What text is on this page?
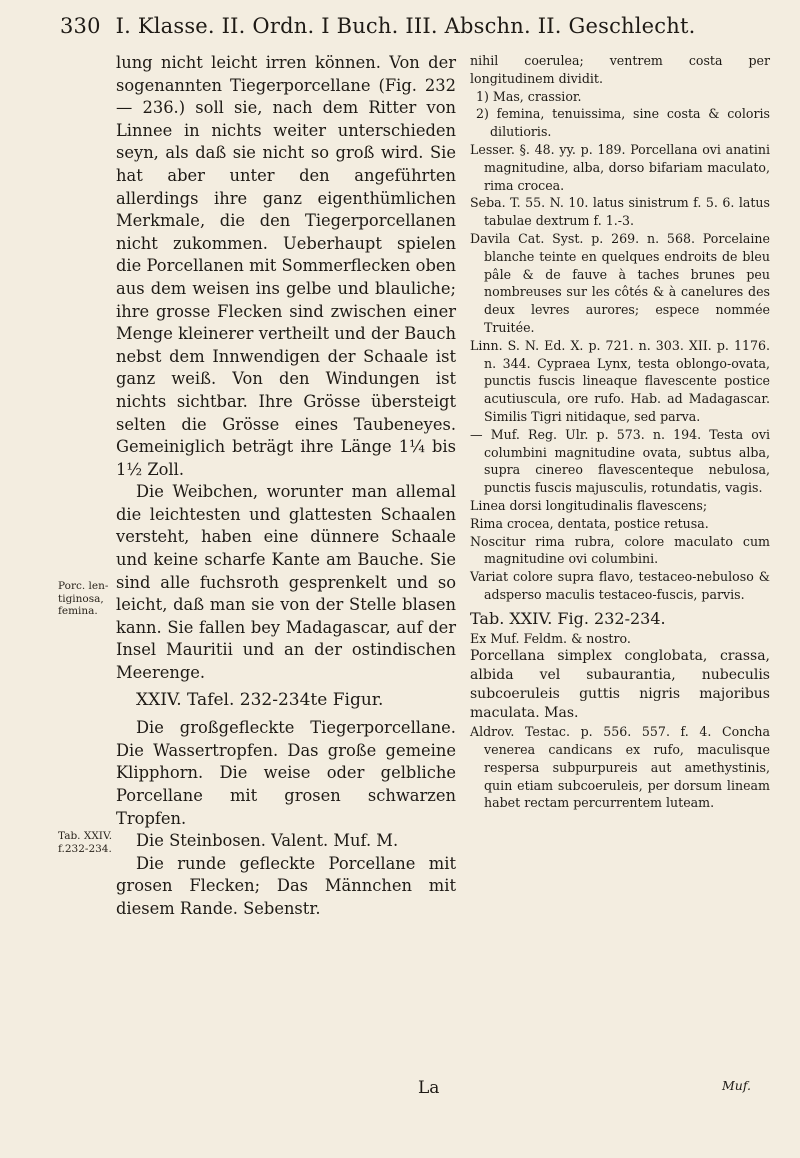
330 I. Klasse. II. Ordn. I Buch. III. Abschn. II. Geschlecht.

lung nicht leicht irren können. Von der sogenannten Tiegerporcellane (Fig. 232 — 236.) soll sie, nach dem Ritter von Linnee in nichts weiter unterschieden seyn, als daß sie nicht so groß wird. Sie hat aber unter den angeführten allerdings ihre ganz eigenthümlichen Merkmale, die den Tiegerporcellanen nicht zukommen. Ueberhaupt spielen die Porcellanen mit Sommerflecken oben aus dem weisen ins gelbe und blauliche; ihre grosse Flecken sind zwischen einer Menge kleinerer vertheilt und der Bauch nebst dem Innwendigen der Schaale ist ganz weiß. Von den Windungen ist nichts sichtbar. Ihre Grösse übersteigt selten die Grösse eines Taubeneyes. Gemeiniglich beträgt ihre Länge 1¼ bis 1½ Zoll.

Die Weibchen, worunter man allemal die leichtesten und glattesten Schaalen versteht, haben eine dünnere Schaale und keine scharfe Kante am Bauche. Sie sind alle fuchsroth gesprenkelt und so leicht, daß man sie von der Stelle blasen kann. Sie fallen bey Madagascar, auf der Insel Mauritii und an der ostindischen Meerenge.

XXIV. Tafel. 232-234te Figur.

Die großgefleckte Tiegerporcellane. Die Wassertropfen. Das große gemeine Klipphorn. Die weise oder gelbliche Porcellane mit grosen schwarzen Tropfen.

Die Steinbosen. Valent. Muf. M.

Die runde gefleckte Porcellane mit grosen Flecken; Das Männchen mit diesem Rande. Sebenstr.

Porc. len-tiginosa, femina.
Tab. XXIV. f.232-234.

nihil coerulea; ventrem costa per longitudinem dividit.

1) Mas, crassior.

2) femina, tenuissima, sine costa & coloris dilutioris.

Lesser. §. 48. yy. p. 189. Porcellana ovi anatini magnitudine, alba, dorso bifariam maculato, rima crocea.

Seba. T. 55. N. 10. latus sinistrum f. 5. 6. latus tabulae dextrum f. 1.-3.

Davila Cat. Syst. p. 269. n. 568. Porcelaine blanche teinte en quelques endroits de bleu pâle & de fauve à taches brunes peu nombreuses sur les côtés & à canelures des deux levres aurores; espece nommée Truitée.

Linn. S. N. Ed. X. p. 721. n. 303. XII. p. 1176. n. 344. Cypraea Lynx, testa oblongo-ovata, punctis fuscis lineaque flavescente postice acutiuscula, ore rufo. Hab. ad Madagascar. Similis Tigri nitidaque, sed parva.

— Muf. Reg. Ulr. p. 573. n. 194. Testa ovi columbini magnitudine ovata, subtus alba, supra cinereo flavescenteque nebulosa, punctis fuscis majusculis, rotundatis, vagis.

Linea dorsi longitudinalis flavescens;

Rima crocea, dentata, postice retusa.

Noscitur rima rubra, colore maculato cum magnitudine ovi columbini.

Variat colore supra flavo, testaceo-nebuloso & adsperso maculis testaceo-fuscis, parvis.

Tab. XXIV. Fig. 232-234.

Ex Muf. Feldm. & nostro.

Porcellana simplex conglobata, crassa, albida vel subaurantia, nubeculis subcoeruleis guttis nigris majoribus maculata. Mas.

Aldrov. Testac. p. 556. 557. f. 4. Concha venerea candicans ex rufo, maculisque respersa subpurpureis aut amethystinis, quin etiam subcoeruleis, per dorsum lineam habet rectam percurrentem luteam.

La	Muf.
